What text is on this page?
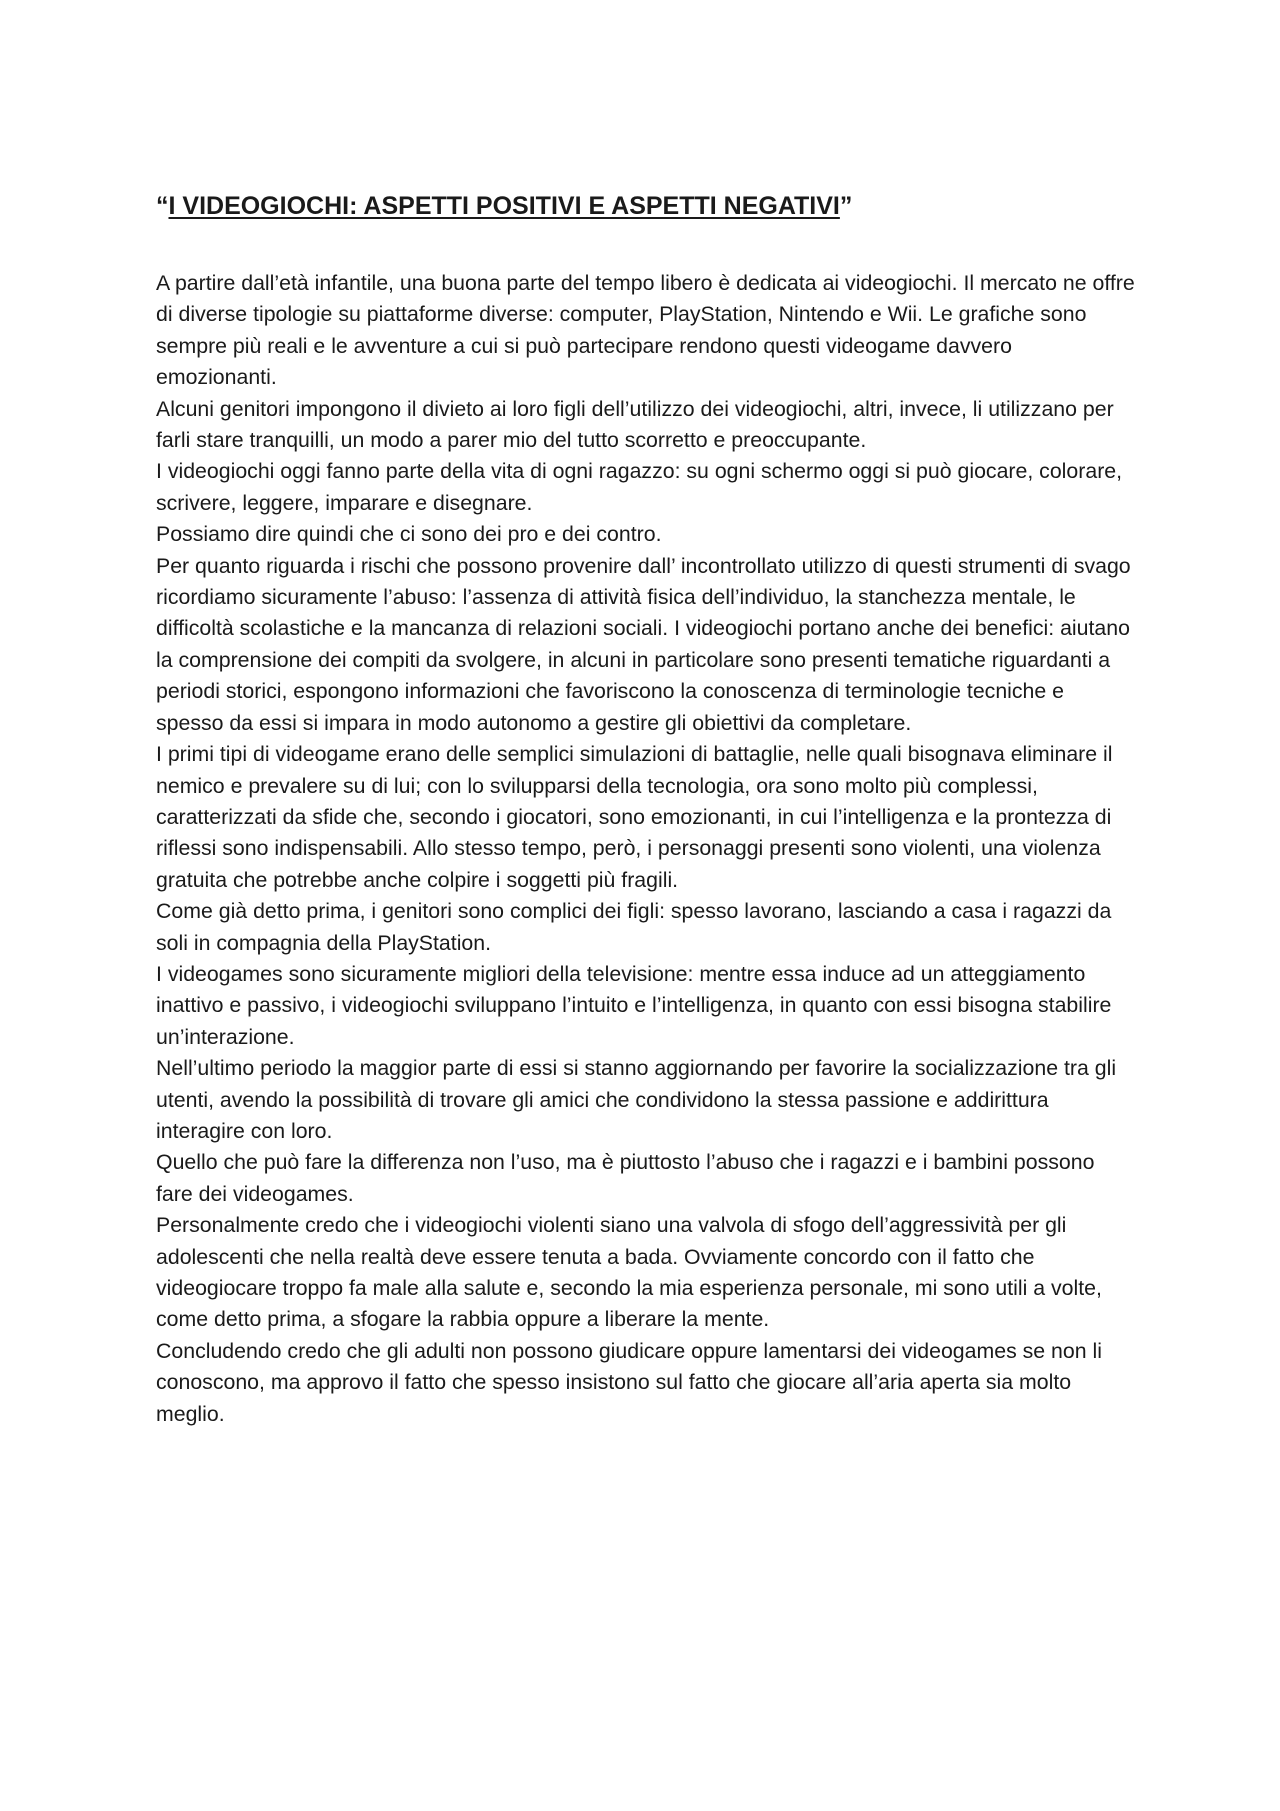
“I VIDEOGIOCHI: ASPETTI POSITIVI E ASPETTI NEGATIVI”

A partire dall’età infantile, una buona parte del tempo libero è dedicata ai videogiochi. Il mercato ne offre di diverse tipologie su piattaforme diverse: computer, PlayStation, Nintendo e Wii. Le grafiche sono sempre più reali e le avventure a cui si può partecipare rendono questi videogame davvero emozionanti.

Alcuni genitori impongono il divieto ai loro figli dell’utilizzo dei videogiochi, altri, invece, li utilizzano per farli stare tranquilli, un modo a parer mio del tutto scorretto e preoccupante.

I videogiochi oggi fanno parte della vita di ogni ragazzo: su ogni schermo oggi si può giocare, colorare, scrivere, leggere, imparare e disegnare.

Possiamo dire quindi che ci sono dei pro e dei contro.

Per quanto riguarda i rischi che possono provenire dall’ incontrollato utilizzo di questi strumenti di svago ricordiamo sicuramente l’abuso: l’assenza di attività fisica dell’individuo, la stanchezza mentale, le difficoltà scolastiche e la mancanza di relazioni sociali. I videogiochi portano anche dei benefici: aiutano la comprensione dei compiti da svolgere, in alcuni in particolare sono presenti tematiche riguardanti a periodi storici, espongono informazioni che favoriscono la conoscenza di terminologie tecniche e spesso da essi si impara in modo autonomo a gestire gli obiettivi da completare.

I primi tipi di videogame erano delle semplici simulazioni di battaglie, nelle quali bisognava eliminare il nemico e prevalere su di lui; con lo svilupparsi della tecnologia, ora sono molto più complessi, caratterizzati da sfide che, secondo i giocatori, sono emozionanti, in cui l’intelligenza e la prontezza di riflessi sono indispensabili. Allo stesso tempo, però, i personaggi presenti sono violenti, una violenza gratuita che potrebbe anche colpire i soggetti più fragili.

Come già detto prima, i genitori sono complici dei figli: spesso lavorano, lasciando a casa i ragazzi da soli in compagnia della PlayStation.

I videogames sono sicuramente migliori della televisione: mentre essa induce ad un atteggiamento inattivo e passivo, i videogiochi sviluppano l’intuito e l’intelligenza, in quanto con essi bisogna stabilire un’interazione.

Nell’ultimo periodo la maggior parte di essi si stanno aggiornando per favorire la socializzazione tra gli utenti, avendo la possibilità di trovare gli amici che condividono la stessa passione e addirittura interagire con loro.

Quello che può fare la differenza non l’uso, ma è piuttosto l’abuso che i ragazzi e i bambini possono fare dei videogames.

Personalmente credo che i videogiochi violenti siano una valvola di sfogo dell’aggressività per gli adolescenti che nella realtà deve essere tenuta a bada. Ovviamente concordo con il fatto che videogiocare troppo fa male alla salute e, secondo la mia esperienza personale, mi sono utili a volte, come detto prima, a sfogare la rabbia oppure a liberare la mente.

Concludendo credo che gli adulti non possono giudicare oppure lamentarsi dei videogames se non li conoscono, ma approvo il fatto che spesso insistono sul fatto che giocare all’aria aperta sia molto meglio.
